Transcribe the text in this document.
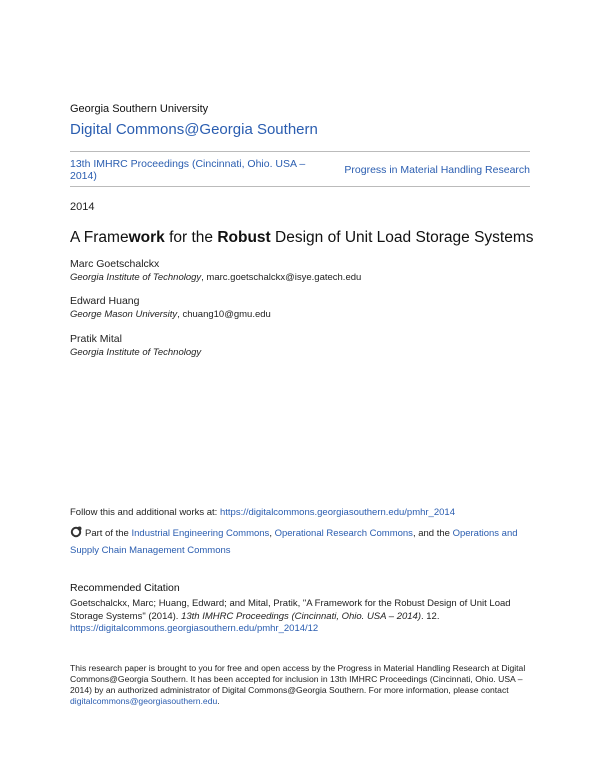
Georgia Southern University
Digital Commons@Georgia Southern
13th IMHRC Proceedings (Cincinnati, Ohio. USA – 2014)	Progress in Material Handling Research
2014
A Framework for the Robust Design of Unit Load Storage Systems
Marc Goetschalckx
Georgia Institute of Technology, marc.goetschalckx@isye.gatech.edu
Edward Huang
George Mason University, chuang10@gmu.edu
Pratik Mital
Georgia Institute of Technology
Follow this and additional works at: https://digitalcommons.georgiasouthern.edu/pmhr_2014
Part of the Industrial Engineering Commons, Operational Research Commons, and the Operations and Supply Chain Management Commons
Recommended Citation
Goetschalckx, Marc; Huang, Edward; and Mital, Pratik, "A Framework for the Robust Design of Unit Load Storage Systems" (2014). 13th IMHRC Proceedings (Cincinnati, Ohio. USA – 2014). 12.
https://digitalcommons.georgiasouthern.edu/pmhr_2014/12
This research paper is brought to you for free and open access by the Progress in Material Handling Research at Digital Commons@Georgia Southern. It has been accepted for inclusion in 13th IMHRC Proceedings (Cincinnati, Ohio. USA – 2014) by an authorized administrator of Digital Commons@Georgia Southern. For more information, please contact digitalcommons@georgiasouthern.edu.
